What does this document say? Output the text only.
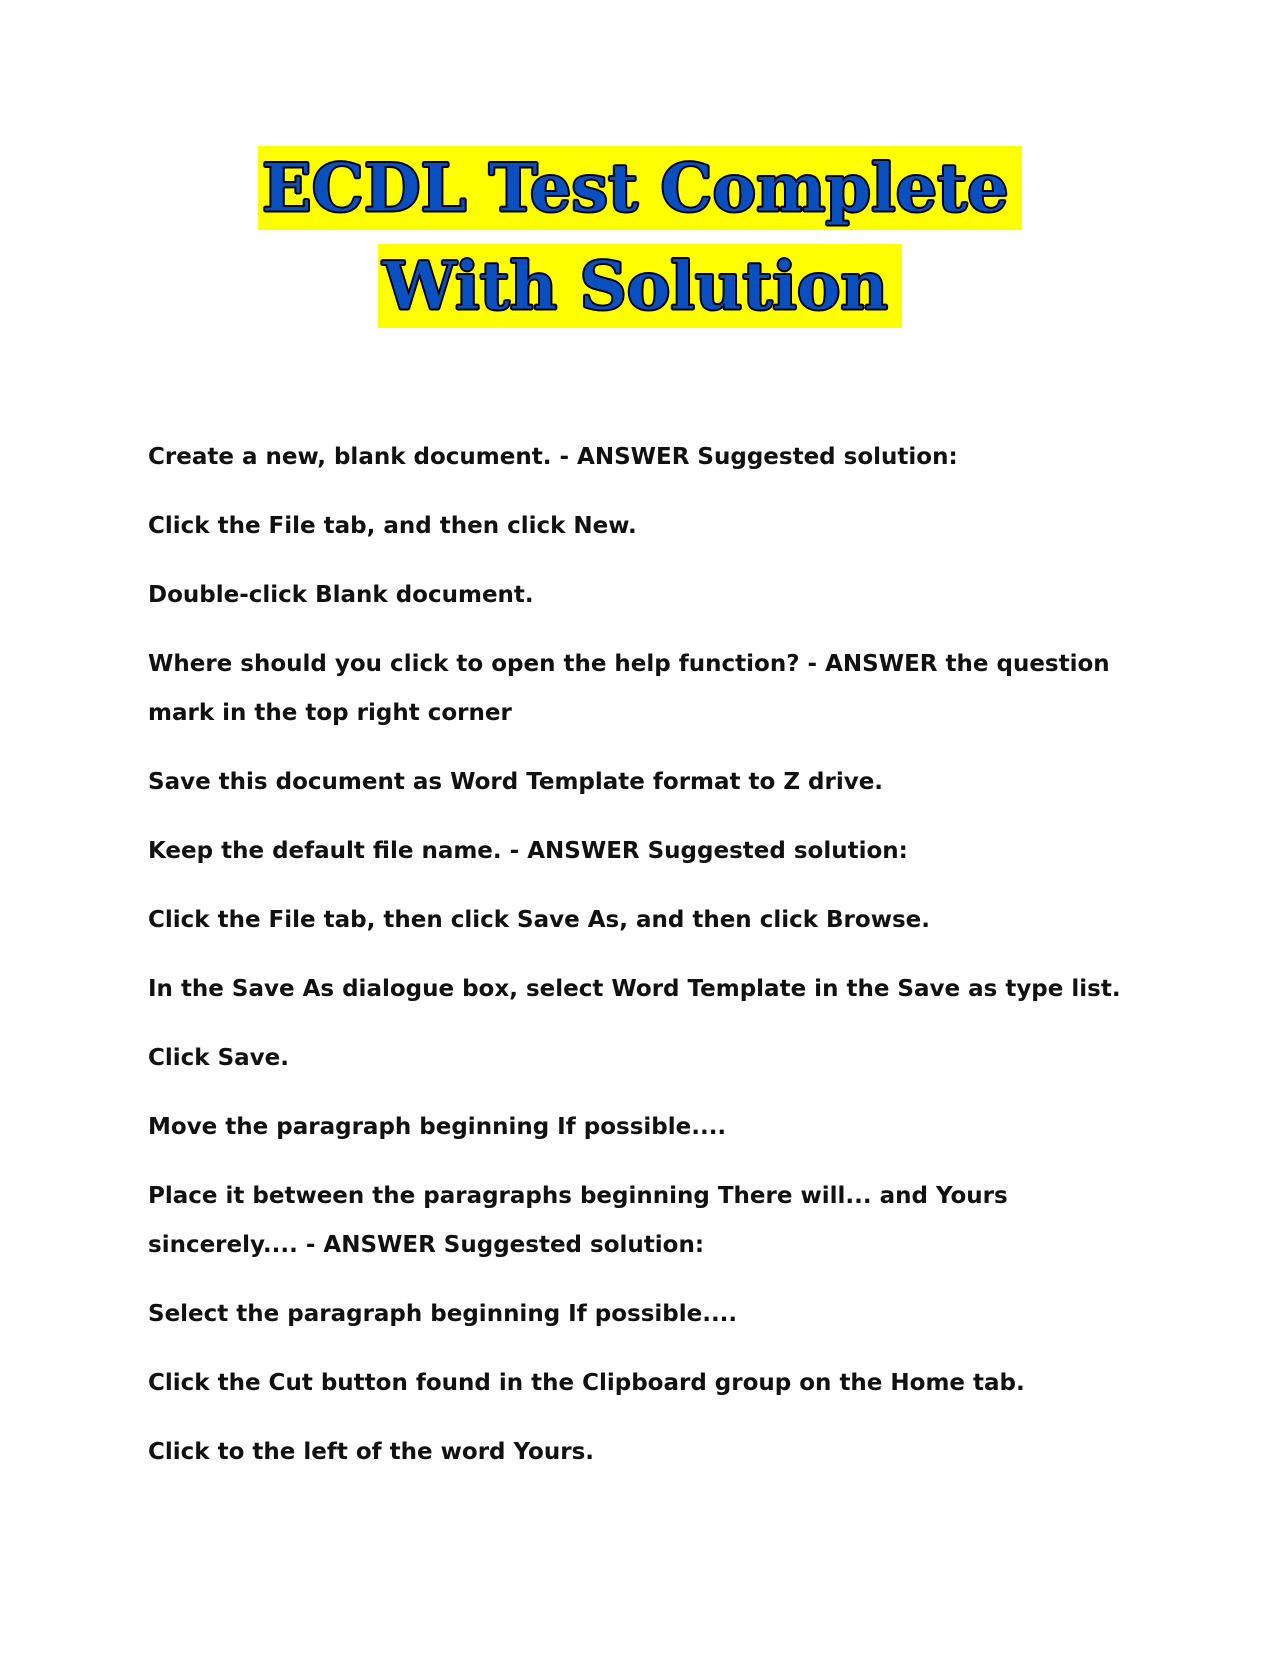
ECDL Test Complete
With Solution

Create a new, blank document. - ANSWER Suggested solution:

Click the File tab, and then click New.

Double-click Blank document.

Where should you click to open the help function? - ANSWER the question mark in the top right corner

Save this document as Word Template format to Z drive.

Keep the default file name. - ANSWER Suggested solution:

Click the File tab, then click Save As, and then click Browse.

In the Save As dialogue box, select Word Template in the Save as type list.

Click Save.

Move the paragraph beginning If possible....

Place it between the paragraphs beginning There will... and Yours sincerely.... - ANSWER Suggested solution:

Select the paragraph beginning If possible....

Click the Cut button found in the Clipboard group on the Home tab.

Click to the left of the word Yours.
